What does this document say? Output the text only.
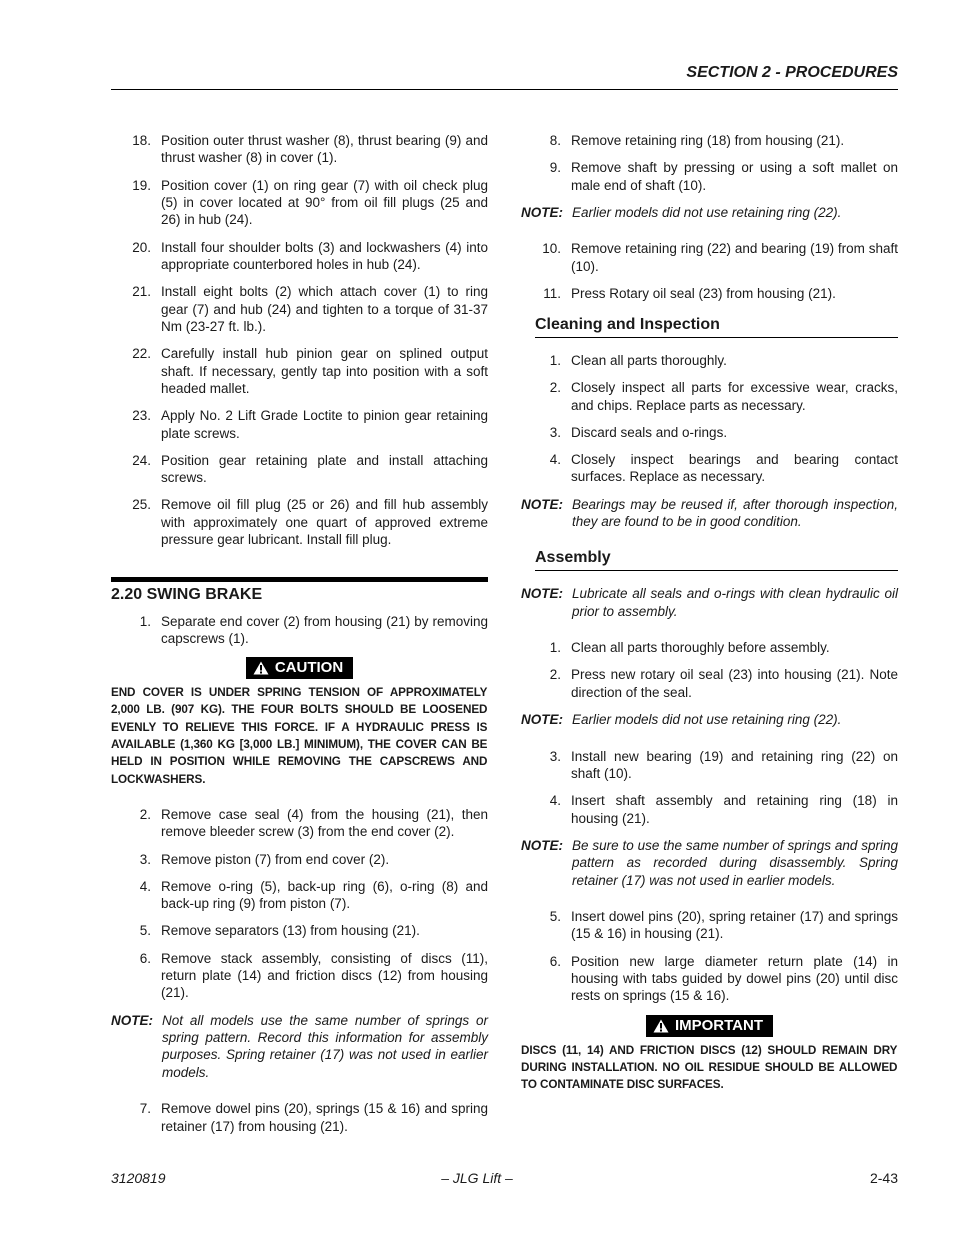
SECTION 2 - PROCEDURES
18. Position outer thrust washer (8), thrust bearing (9) and thrust washer (8) in cover (1).
19. Position cover (1) on ring gear (7) with oil check plug (5) in cover located at 90° from oil fill plugs (25 and 26) in hub (24).
20. Install four shoulder bolts (3) and lockwashers (4) into appropriate counterbored holes in hub (24).
21. Install eight bolts (2) which attach cover (1) to ring gear (7) and hub (24) and tighten to a torque of 31-37 Nm (23-27 ft. lb.).
22. Carefully install hub pinion gear on splined output shaft. If necessary, gently tap into position with a soft headed mallet.
23. Apply No. 2 Lift Grade Loctite to pinion gear retaining plate screws.
24. Position gear retaining plate and install attaching screws.
25. Remove oil fill plug (25 or 26) and fill hub assembly with approximately one quart of approved extreme pressure gear lubricant. Install fill plug.
2.20 SWING BRAKE
1. Separate end cover (2) from housing (21) by removing capscrews (1).
CAUTION
END COVER IS UNDER SPRING TENSION OF APPROXIMATELY 2,000 LB. (907 KG). THE FOUR BOLTS SHOULD BE LOOSENED EVENLY TO RELIEVE THIS FORCE. IF A HYDRAULIC PRESS IS AVAILABLE (1,360 KG [3,000 LB.] MINIMUM), THE COVER CAN BE HELD IN POSITION WHILE REMOVING THE CAPSCREWS AND LOCKWASHERS.
2. Remove case seal (4) from the housing (21), then remove bleeder screw (3) from the end cover (2).
3. Remove piston (7) from end cover (2).
4. Remove o-ring (5), back-up ring (6), o-ring (8) and back-up ring (9) from piston (7).
5. Remove separators (13) from housing (21).
6. Remove stack assembly, consisting of discs (11), return plate (14) and friction discs (12) from housing (21).
NOTE: Not all models use the same number of springs or spring pattern. Record this information for assembly purposes. Spring retainer (17) was not used in earlier models.
7. Remove dowel pins (20), springs (15 & 16) and spring retainer (17) from housing (21).
8. Remove retaining ring (18) from housing (21).
9. Remove shaft by pressing or using a soft mallet on male end of shaft (10).
NOTE: Earlier models did not use retaining ring (22).
10. Remove retaining ring (22) and bearing (19) from shaft (10).
11. Press Rotary oil seal (23) from housing (21).
Cleaning and Inspection
1. Clean all parts thoroughly.
2. Closely inspect all parts for excessive wear, cracks, and chips. Replace parts as necessary.
3. Discard seals and o-rings.
4. Closely inspect bearings and bearing contact surfaces. Replace as necessary.
NOTE: Bearings may be reused if, after thorough inspection, they are found to be in good condition.
Assembly
NOTE: Lubricate all seals and o-rings with clean hydraulic oil prior to assembly.
1. Clean all parts thoroughly before assembly.
2. Press new rotary oil seal (23) into housing (21). Note direction of the seal.
NOTE: Earlier models did not use retaining ring (22).
3. Install new bearing (19) and retaining ring (22) on shaft (10).
4. Insert shaft assembly and retaining ring (18) in housing (21).
NOTE: Be sure to use the same number of springs and spring pattern as recorded during disassembly. Spring retainer (17) was not used in earlier models.
5. Insert dowel pins (20), spring retainer (17) and springs (15 & 16) in housing (21).
6. Position new large diameter return plate (14) in housing with tabs guided by dowel pins (20) until disc rests on springs (15 & 16).
IMPORTANT
DISCS (11, 14) AND FRICTION DISCS (12) SHOULD REMAIN DRY DURING INSTALLATION. NO OIL RESIDUE SHOULD BE ALLOWED TO CONTAMINATE DISC SURFACES.
3120819	– JLG Lift –	2-43
